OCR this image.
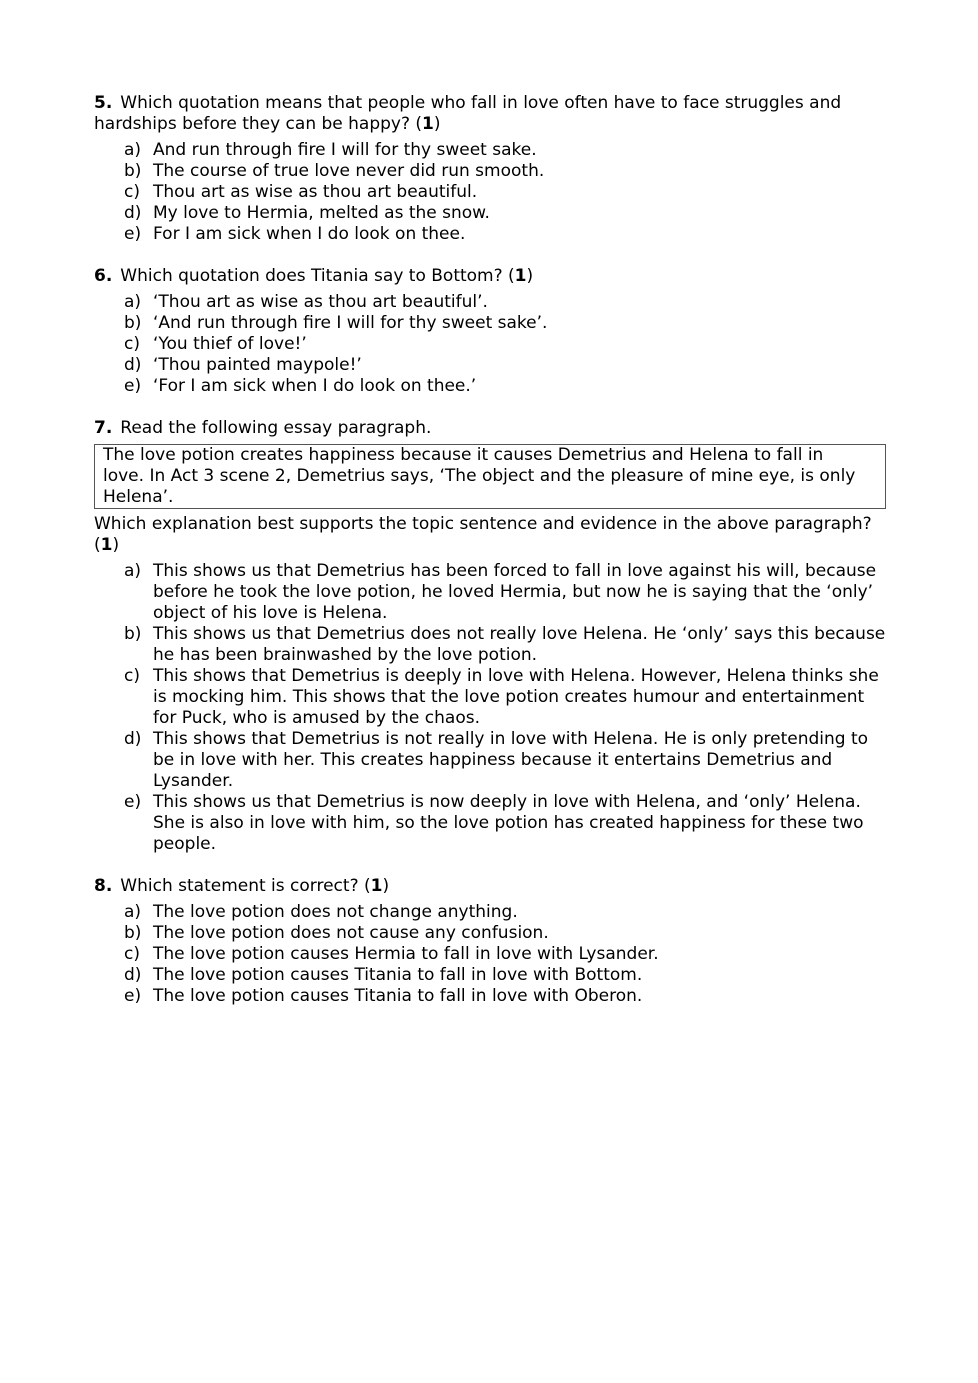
5. Which quotation means that people who fall in love often have to face struggles and hardships before they can be happy? (1)

a) And run through fire I will for thy sweet sake.
b) The course of true love never did run smooth.
c) Thou art as wise as thou art beautiful.
d) My love to Hermia, melted as the snow.
e) For I am sick when I do look on thee.

6. Which quotation does Titania say to Bottom? (1)

a) ‘Thou art as wise as thou art beautiful’.
b) ‘And run through fire I will for thy sweet sake’.
c) ‘You thief of love!’
d) ‘Thou painted maypole!’
e) ‘For I am sick when I do look on thee.’

7. Read the following essay paragraph.

The love potion creates happiness because it causes Demetrius and Helena to fall in love. In Act 3 scene 2, Demetrius says, ‘The object and the pleasure of mine eye, is only Helena’.

Which explanation best supports the topic sentence and evidence in the above paragraph? (1)

a) This shows us that Demetrius has been forced to fall in love against his will, because before he took the love potion, he loved Hermia, but now he is saying that the ‘only’ object of his love is Helena.
b) This shows us that Demetrius does not really love Helena. He ‘only’ says this because he has been brainwashed by the love potion.
c) This shows that Demetrius is deeply in love with Helena. However, Helena thinks she is mocking him. This shows that the love potion creates humour and entertainment for Puck, who is amused by the chaos.
d) This shows that Demetrius is not really in love with Helena. He is only pretending to be in love with her. This creates happiness because it entertains Demetrius and Lysander.
e) This shows us that Demetrius is now deeply in love with Helena, and ‘only’ Helena. She is also in love with him, so the love potion has created happiness for these two people.

8. Which statement is correct? (1)

a) The love potion does not change anything.
b) The love potion does not cause any confusion.
c) The love potion causes Hermia to fall in love with Lysander.
d) The love potion causes Titania to fall in love with Bottom.
e) The love potion causes Titania to fall in love with Oberon.
